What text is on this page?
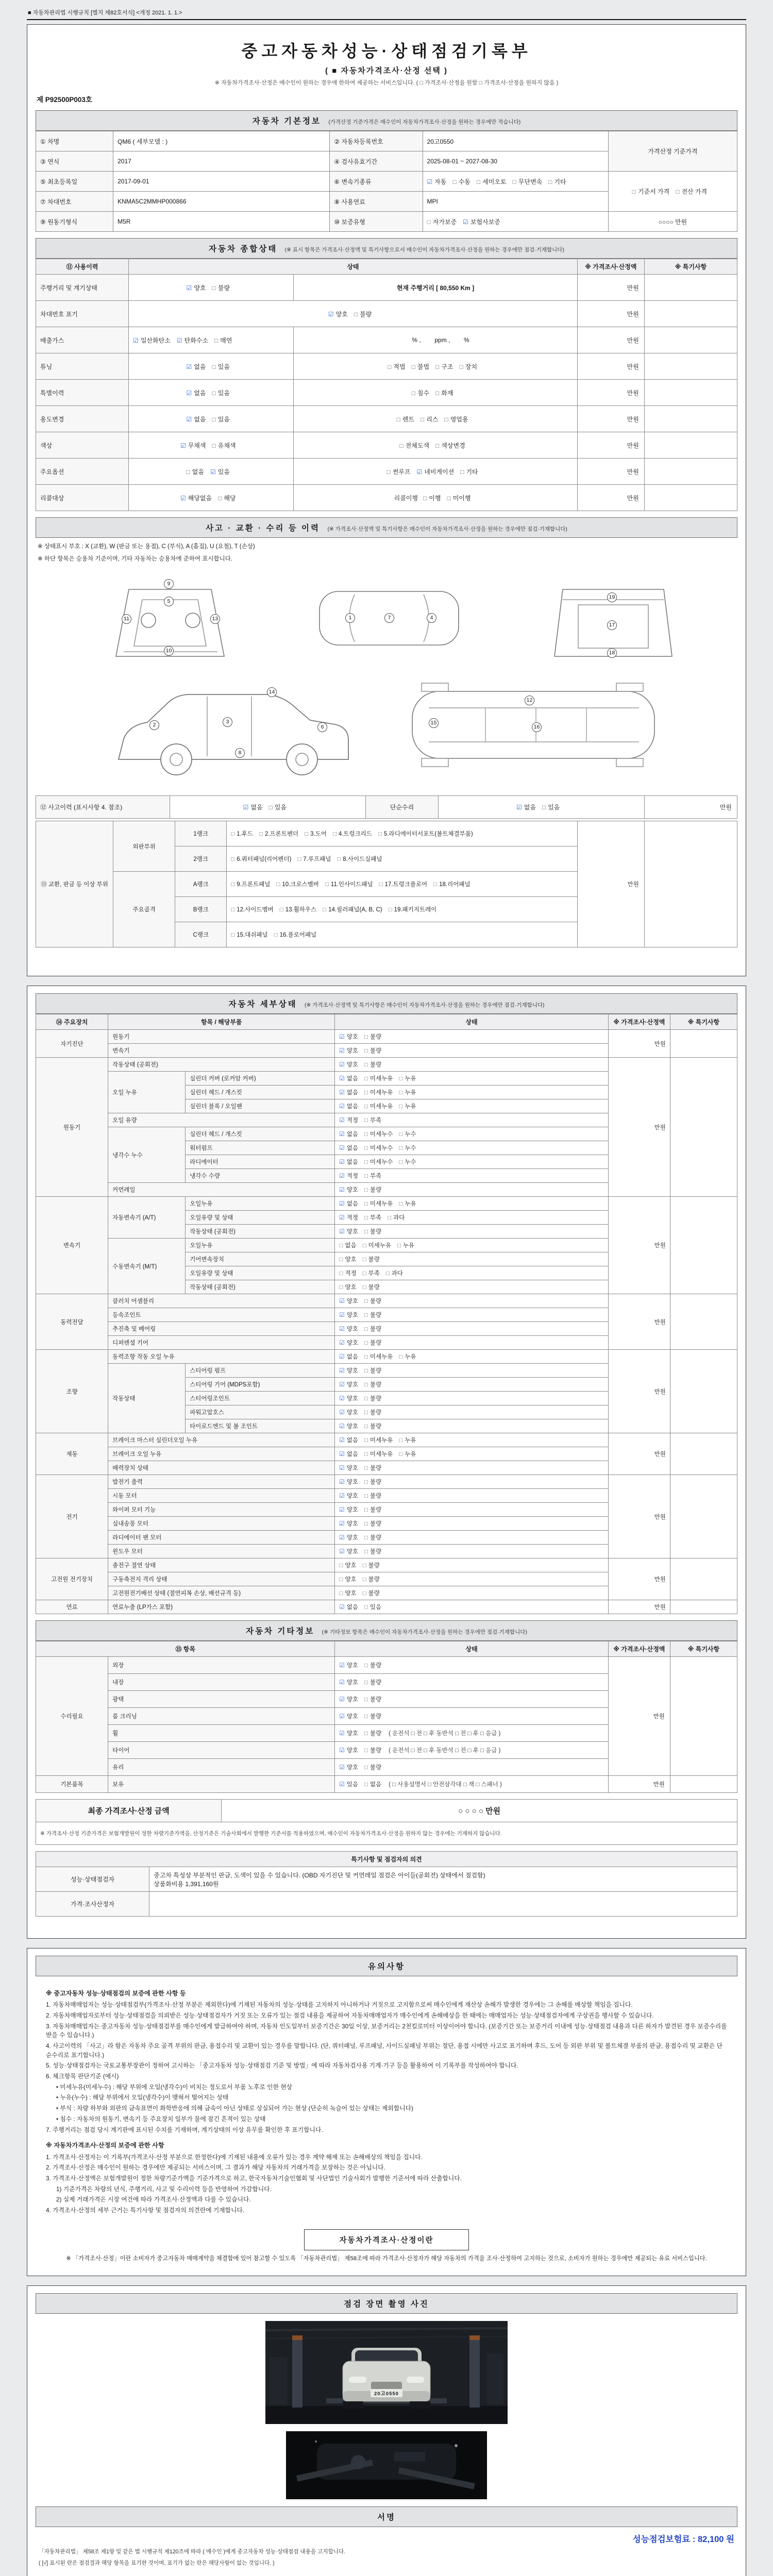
■ 자동차관리법 시행규칙 [별지 제82호서식] <개정 2021. 1. 1.>
중고자동차성능·상태점검기록부
( ■ 자동차가격조사·산정 선택 )
※ 자동차가격조사·산정은 매수인이 원하는 경우에 한하여 제공하는 서비스입니다. ( □ 가격조사·산정을 원함 □ 가격조사·산정을 원하지 않음 )
제 P92500P003호
자동차 기본정보 (가격산정 기준가격은 매수인이 자동차가격조사·산정을 원하는 경우에만 적습니다)
① 차명	QM6 ( 세부모델 : )	② 자동차등록번호	20고0550	가격산정 기준가격
③ 연식	2017	④ 검사유효기간	2025-08-01 ~ 2027-08-30	
⑤ 최초등록일	2017-09-01	⑥ 변속기종류	☑ 자동 □ 수동 □ 세미오토 □ 무단변속 □ 기타	□ 기준서 가격 □ 전산 가격
⑦ 차대번호	KNMA5C2MMHP000866	⑧ 사용연료	MPI	
⑨ 원동기형식	M5R	⑩ 보증유형	□ 자가보증 ☑ 보험사보증	○○○○ 만원
자동차 종합상태 (※ 표시 항목은 가격조사·산정액 및 특기사항으로서 매수인이 자동차가격조사·산정을 원하는 경우에만 점검·기재합니다)
⑪ 사용이력	상태		※ 가격조사·산정액	※ 특기사항
주행거리 및 계기상태	☑ 양호 □ 불량	현재 주행거리 [ 80,550 Km ]	만원	
차대번호 표기	☑ 양호 □ 불량		만원	
배출가스	☑ 일산화탄소 ☑ 탄화수소 □ 매연	% ,        ppm ,        %	만원	
튜닝	☑ 없음 □ 있음	□ 적법 □ 불법 □ 구조 □ 장치	만원	
특별이력	☑ 없음 □ 있음	□ 침수 □ 화재	만원	
용도변경	☑ 없음 □ 있음	□ 렌트 □ 리스 □ 영업용	만원	
색상	☑ 무채색 □ 유채색	□ 전체도색 □ 색상변경	만원	
주요옵션	□ 없음 ☑ 있음	□ 썬루프 ☑ 네비게이션 □ 기타	만원	
리콜대상	☑ 해당없음 □ 해당	리콜이행 □ 이행 □ 미이행	만원	
사고 · 교환 · 수리 등 이력 (※ 가격조사·산정액 및 특기사항은 매수인이 자동차가격조사·산정을 원하는 경우에만 점검·기재합니다)
※ 상태표시 부호 : X (교환), W (판금 또는 용접), C (부식), A (흠집), U (요철), T (손상)
※ 하단 항목은 승용차 기준이며, 기타 자동차는 승용차에 준하여 표시합니다.
9
5
11	13
10
1	7	4
19
17
18
2	3
6
8
14
15
12
16
⑫ 사고이력 (표시사항 4. 참조)	☑ 없음 □ 있음	단순수리	☑ 없음 □ 있음	만원
⑬ 교환, 판금 등 이상 부위	외판부위	1랭크	□ 1.후드 □ 2.프론트펜더 □ 3.도어 □ 4.트렁크리드 □ 5.라디에이터서포트(볼트체결부품)	만원	
		2랭크	□ 6.쿼터패널(리어펜더) □ 7.루프패널 □ 8.사이드실패널		
	주요골격	A랭크	□ 9.프론트패널 □ 10.크로스멤버 □ 11.인사이드패널 □ 17.트렁크플로어 □ 18.리어패널		
		B랭크	□ 12.사이드멤버 □ 13.휠하우스 □ 14.필러패널(A, B, C) □ 19.패키지트레이		
		C랭크	□ 15.대쉬패널 □ 16.플로어패널		
자동차 세부상태 (※ 가격조사·산정액 및 특기사항은 매수인이 자동차가격조사·산정을 원하는 경우에만 점검·기재합니다)
⑭ 주요장치	항목 / 해당부품		상태	※ 가격조사·산정액	※ 특기사항
자기진단	원동기		☑ 양호 □ 불량	만원	
	변속기		☑ 양호 □ 불량		
원동기	작동상태 (공회전)		☑ 양호 □ 불량	만원	
	오일 누유	실린더 커버 (로커암 커버)	☑ 없음 □ 미세누유 □ 누유		
		실린더 헤드 / 개스킷	☑ 없음 □ 미세누유 □ 누유		
		실린더 블록 / 오일팬	☑ 없음 □ 미세누유 □ 누유		
	오일 유량		☑ 적정 □ 부족		
	냉각수 누수	실린더 헤드 / 개스킷	☑ 없음 □ 미세누수 □ 누수		
		워터펌프	☑ 없음 □ 미세누수 □ 누수		
		라디에이터	☑ 없음 □ 미세누수 □ 누수		
		냉각수 수량	☑ 적정 □ 부족		
	커먼레일		☑ 양호 □ 불량		
변속기	자동변속기 (A/T)	오일누유	☑ 없음 □ 미세누유 □ 누유	만원	
		오일유량 및 상태	☑ 적정 □ 부족 □ 과다		
		작동상태 (공회전)	☑ 양호 □ 불량		
	수동변속기 (M/T)	오일누유	□ 없음 □ 미세누유 □ 누유		
		기어변속장치	□ 양호 □ 불량		
		오일유량 및 상태	□ 적정 □ 부족 □ 과다		
		작동상태 (공회전)	□ 양호 □ 불량		
동력전달	클러치 어셈블리		☑ 양호 □ 불량	만원	
	등속조인트		☑ 양호 □ 불량		
	추진축 및 베어링		☑ 양호 □ 불량		
	디퍼렌셜 기어		☑ 양호 □ 불량		
조향	동력조향 작동 오일 누유		☑ 없음 □ 미세누유 □ 누유	만원	
	작동상태	스티어링 펌프	☑ 양호 □ 불량		
		스티어링 기어 (MDPS포함)	☑ 양호 □ 불량		
		스티어링조인트	☑ 양호 □ 불량		
		파워고압호스	☑ 양호 □ 불량		
		타이로드엔드 및 볼 조인트	☑ 양호 □ 불량		
제동	브레이크 마스터 실린더오일 누유		☑ 없음 □ 미세누유 □ 누유	만원	
	브레이크 오일 누유		☑ 없음 □ 미세누유 □ 누유		
	배력장치 상태		☑ 양호 □ 불량		
전기	발전기 출력		☑ 양호 □ 불량	만원	
	시동 모터		☑ 양호 □ 불량		
	와이퍼 모터 기능		☑ 양호 □ 불량		
	실내송풍 모터		☑ 양호 □ 불량		
	라디에이터 팬 모터		☑ 양호 □ 불량		
	윈도우 모터		☑ 양호 □ 불량		
고전원 전기장치	충전구 절연 상태		□ 양호 □ 불량	만원	
	구동축전지 격리 상태		□ 양호 □ 불량		
	고전원전기배선 상태 (절연피복 손상, 배선규격 등)		□ 양호 □ 불량		
연료	연료누출 (LP가스 포함)		☑ 없음 □ 있음	만원	
자동차 기타정보 (※ 기타정보 항목은 매수인이 자동차가격조사·산정을 원하는 경우에만 점검·기재합니다)
⑮ 항목		상태	※ 가격조사·산정액	※ 특기사항
수리필요	외장	☑ 양호 □ 불량	만원	
	내장	☑ 양호 □ 불량		
	광택	☑ 양호 □ 불량		
	룸 크리닝	☑ 양호 □ 불량		
	휠	☑ 양호 □ 불량 ( 운전석 □ 전 □ 후 동반석 □ 전 □ 후 □ 응급 )		
	타이어	☑ 양호 □ 불량 ( 운전석 □ 전 □ 후 동반석 □ 전 □ 후 □ 응급 )		
	유리	☑ 양호 □ 불량		
기본품목	보유	☑ 있음 □ 없음 ( □ 사용설명서 □ 안전삼각대 □ 잭 □ 스패너 )	만원	
최종 가격조사·산정 금액	○ ○ ○ ○ 만원
※ 가격조사·산정 기준가격은 보험개발원이 정한 차량기준가액을, 산정기준은 기술사회에서 발행한 기준서를 적용하였으며, 매수인이 자동차가격조사·산정을 원하지 않는 경우에는 기재하지 않습니다.
특기사항 및 점검자의 의견	
성능·상태점검자	중고차 특성상 부분적인 판금, 도색이 있을 수 있습니다. (OBD 자기진단 및 커먼레일 점검은 아이들(공회전) 상태에서 점검함)
상품화비용 1,391,160원
가격·조사산정자	
유의사항
※ 중고자동차 성능·상태점검의 보증에 관한 사항 등
1. 자동차매매업자는 성능·상태점검부(가격조사·산정 부분은 제외한다)에 기재된 자동차의 성능·상태를 고지하지 아니하거나 거짓으로 고지함으로써 매수인에게 재산상 손해가 발생한 경우에는 그 손해를 배상할 책임을 집니다.
2. 자동차매매업자로부터 성능·상태점검을 의뢰받은 성능·상태점검자가 거짓 또는 오류가 있는 점검 내용을 제공하여 자동차매매업자가 매수인에게 손해배상을 한 때에는 매매업자는 성능·상태점검자에게 구상권을 행사할 수 있습니다.
3. 자동차매매업자는 중고자동차 성능·상태점검부를 매수인에게 발급하여야 하며, 자동차 인도일부터 보증기간은 30일 이상, 보증거리는 2천킬로미터 이상이어야 합니다. (보증기간 또는 보증거리 이내에 성능·상태점검 내용과 다른 하자가 발견된 경우 보증수리를 받을 수 있습니다.)
4. 사고이력의 「사고」라 함은 자동차 주요 골격 부위의 판금, 용접수리 및 교환이 있는 경우를 말합니다. (단, 쿼터패널, 루프패널, 사이드실패널 부위는 절단, 용접 시에만 사고로 표기하며 후드, 도어 등 외판 부위 및 볼트체결 부품의 판금, 용접수리 및 교환은 단순수리로 표기합니다.)
5. 성능·상태점검자는 국토교통부장관이 정하여 고시하는 「중고자동차 성능·상태점검 기준 및 방법」에 따라 자동차검사용 기계·기구 등을 활용하여 이 기록부를 작성하여야 합니다.
6. 체크항목 판단기준 (예시)
• 미세누유(미세누수) : 해당 부위에 오일(냉각수)이 비치는 정도로서 부품 노후로 인한 현상
• 누유(누수) : 해당 부위에서 오일(냉각수)이 맺혀서 떨어지는 상태
• 부식 : 차량 하부와 외판의 금속표면이 화학반응에 의해 금속이 아닌 상태로 상실되어 가는 현상 (단순히 녹슬어 있는 상태는 제외합니다)
• 침수 : 자동차의 원동기, 변속기 등 주요장치 일부가 물에 잠긴 흔적이 있는 상태
7. 주행거리는 점검 당시 계기판에 표시된 수치를 기재하며, 계기상태의 이상 유무를 확인한 후 표기합니다.
※ 자동차가격조사·산정의 보증에 관한 사항
1. 가격조사·산정자는 이 기록부(가격조사·산정 부분으로 한정한다)에 기재된 내용에 오류가 있는 경우 계약 해제 또는 손해배상의 책임을 집니다.
2. 가격조사·산정은 매수인이 원하는 경우에만 제공되는 서비스이며, 그 결과가 해당 자동차의 거래가격을 보장하는 것은 아닙니다.
3. 가격조사·산정액은 보험개발원이 정한 차량기준가액을 기준가격으로 하고, 한국자동차기술인협회 및 사단법인 기술사회가 발행한 기준서에 따라 산출합니다.
1) 기준가격은 차량의 년식, 주행거리, 사고 및 수리이력 등을 반영하여 가감합니다.
2) 실제 거래가격은 시장 여건에 따라 가격조사·산정액과 다를 수 있습니다.
4. 가격조사·산정의 세부 근거는 특기사항 및 점검자의 의견란에 기재합니다.
자동차가격조사·산정이란
※ 「가격조사·산정」이란 소비자가 중고자동차 매매계약을 체결함에 있어 참고할 수 있도록 「자동차관리법」 제58조에 따라 가격조사·산정자가 해당 자동차의 가격을 조사·산정하여 고지하는 것으로, 소비자가 원하는 경우에만 제공되는 유료 서비스입니다.
점검 장면 촬영 사진
20고0550
서명
성능점검보험료 : 82,100 원
「자동차관리법」 제58조 제1항 및 같은 법 시행규칙 제120조에 따라 ( 매수인 )에게 중고자동차 성능·상태점검 내용을 고지합니다.
( [√] 표시된 란은 점검결과 해당 항목을 표기한 것이며, 표기가 없는 란은 해당사항이 없는 것입니다. )
